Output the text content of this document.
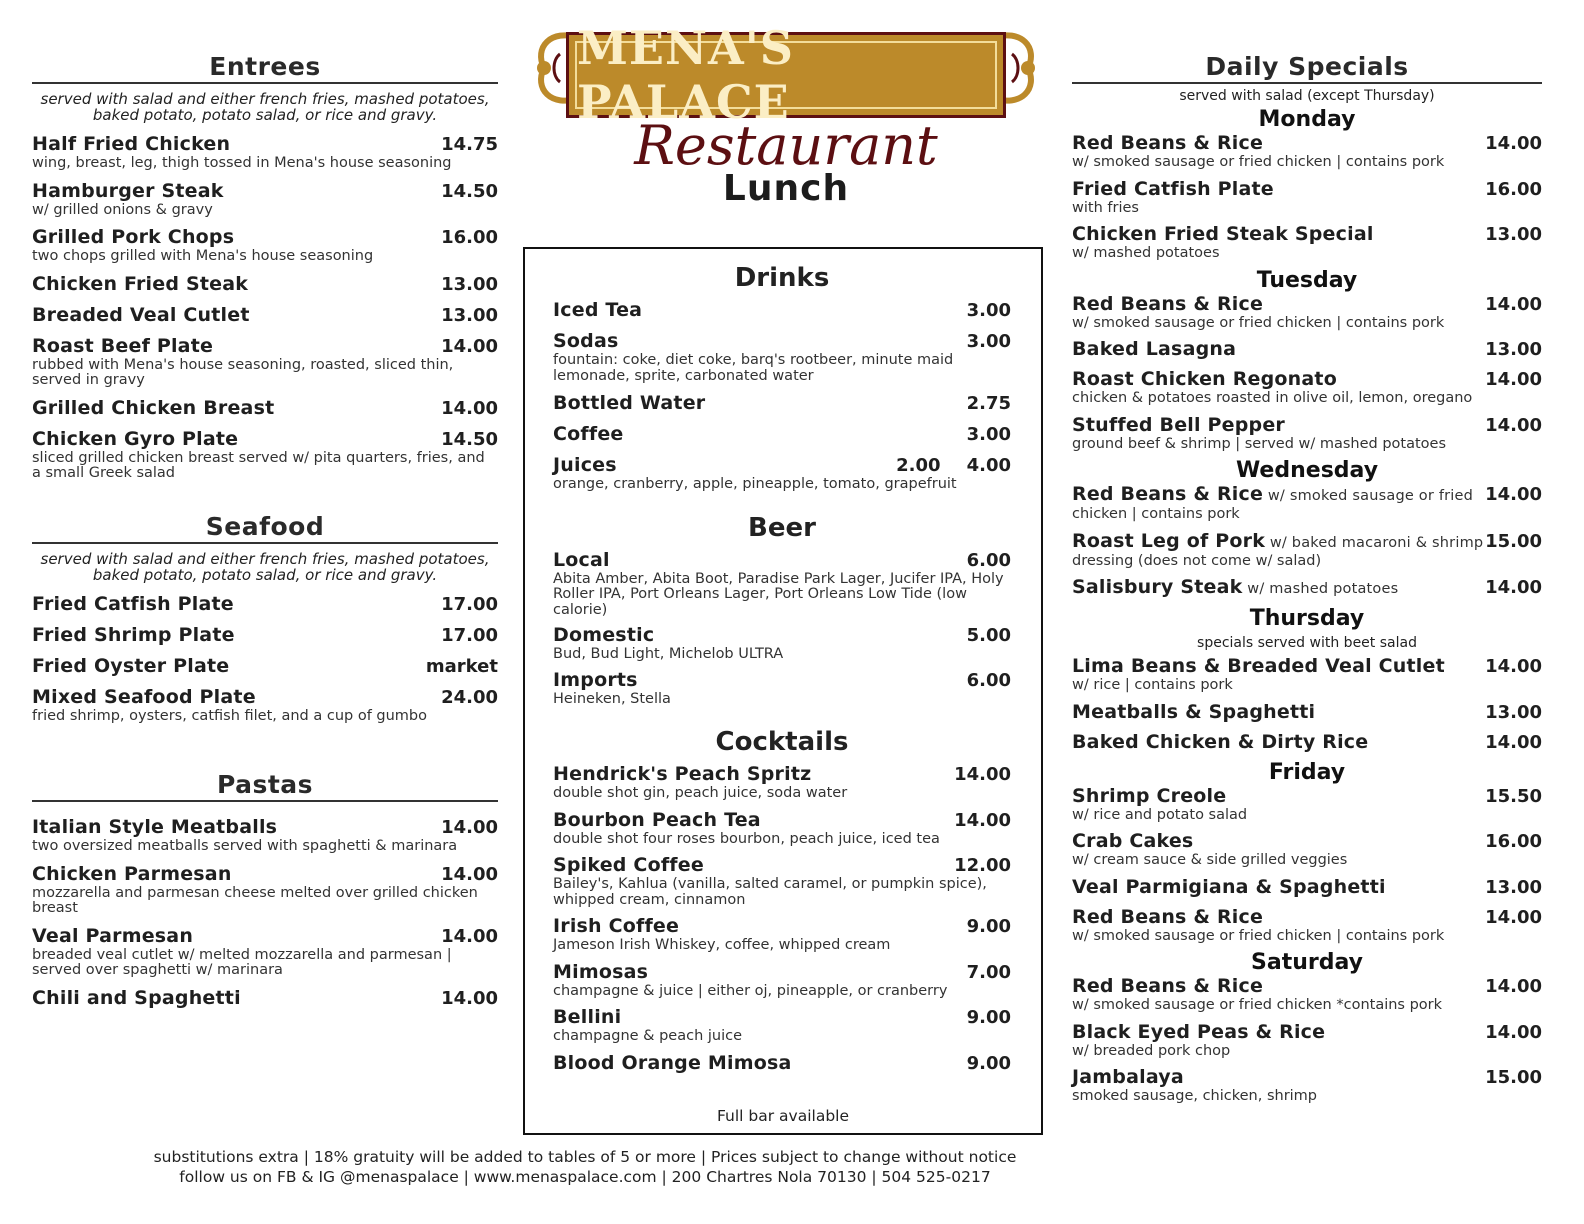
MENA'S PALACE
Restaurant
Lunch
Entrees
served with salad and either french fries, mashed potatoes, baked potato, potato salad, or rice and gravy.
Half Fried Chicken	14.75
wing, breast, leg, thigh tossed in Mena's house seasoning
Hamburger Steak	14.50
w/ grilled onions & gravy
Grilled Pork Chops	16.00
two chops grilled with Mena's house seasoning
Chicken Fried Steak	13.00
Breaded Veal Cutlet	13.00
Roast Beef Plate	14.00
rubbed with Mena's house seasoning, roasted, sliced thin, served in gravy
Grilled Chicken Breast	14.00
Chicken Gyro Plate	14.50
sliced grilled chicken breast served w/ pita quarters, fries, and a small Greek salad
Seafood
served with salad and either french fries, mashed potatoes, baked potato, potato salad, or rice and gravy.
Fried Catfish Plate	17.00
Fried Shrimp Plate	17.00
Fried Oyster Plate	market
Mixed Seafood Plate	24.00
fried shrimp, oysters, catfish filet, and a cup of gumbo
Pastas
Italian Style Meatballs	14.00
two oversized meatballs served with spaghetti & marinara
Chicken Parmesan	14.00
mozzarella and parmesan cheese melted over grilled chicken breast
Veal Parmesan	14.00
breaded veal cutlet w/ melted mozzarella and parmesan | served over spaghetti w/ marinara
Chili and Spaghetti	14.00
Drinks
Iced Tea	3.00
Sodas	3.00
fountain: coke, diet coke, barq's rootbeer, minute maid lemonade, sprite, carbonated water
Bottled Water	2.75
Coffee	3.00
Juices	2.00 4.00
orange, cranberry, apple, pineapple, tomato, grapefruit
Beer
Local	6.00
Abita Amber, Abita Boot, Paradise Park Lager, Jucifer IPA, Holy Roller IPA, Port Orleans Lager, Port Orleans Low Tide (low calorie)
Domestic	5.00
Bud, Bud Light, Michelob ULTRA
Imports	6.00
Heineken, Stella
Cocktails
Hendrick's Peach Spritz	14.00
double shot gin, peach juice, soda water
Bourbon Peach Tea	14.00
double shot four roses bourbon, peach juice, iced tea
Spiked Coffee	12.00
Bailey's, Kahlua (vanilla, salted caramel, or pumpkin spice), whipped cream, cinnamon
Irish Coffee	9.00
Jameson Irish Whiskey, coffee, whipped cream
Mimosas	7.00
champagne & juice | either oj, pineapple, or cranberry
Bellini	9.00
champagne & peach juice
Blood Orange Mimosa	9.00
Full bar available
Daily Specials
served with salad (except Thursday)
Monday
Red Beans & Rice	14.00
w/ smoked sausage or fried chicken | contains pork
Fried Catfish Plate	16.00
with fries
Chicken Fried Steak Special	13.00
w/ mashed potatoes
Tuesday
Red Beans & Rice	14.00
w/ smoked sausage or fried chicken | contains pork
Baked Lasagna	13.00
Roast Chicken Regonato	14.00
chicken & potatoes roasted in olive oil, lemon, oregano
Stuffed Bell Pepper	14.00
ground beef & shrimp | served w/ mashed potatoes
Wednesday
Red Beans & Rice w/ smoked sausage or fried 14.00
chicken | contains pork
Roast Leg of Pork w/ baked macaroni & shrimp 15.00
dressing (does not come w/ salad)
Salisbury Steak w/ mashed potatoes	14.00
Thursday
specials served with beet salad
Lima Beans & Breaded Veal Cutlet 14.00
w/ rice | contains pork
Meatballs & Spaghetti	13.00
Baked Chicken & Dirty Rice	14.00
Friday
Shrimp Creole	15.50
w/ rice and potato salad
Crab Cakes	16.00
w/ cream sauce & side grilled veggies
Veal Parmigiana & Spaghetti	13.00
Red Beans & Rice	14.00
w/ smoked sausage or fried chicken | contains pork
Saturday
Red Beans & Rice	14.00
w/ smoked sausage or fried chicken *contains pork
Black Eyed Peas & Rice	14.00
w/ breaded pork chop
Jambalaya	15.00
smoked sausage, chicken, shrimp
substitutions extra | 18% gratuity will be added to tables of 5 or more | Prices subject to change without notice
follow us on FB & IG @menaspalace | www.menaspalace.com | 200 Chartres Nola 70130 | 504 525-0217
